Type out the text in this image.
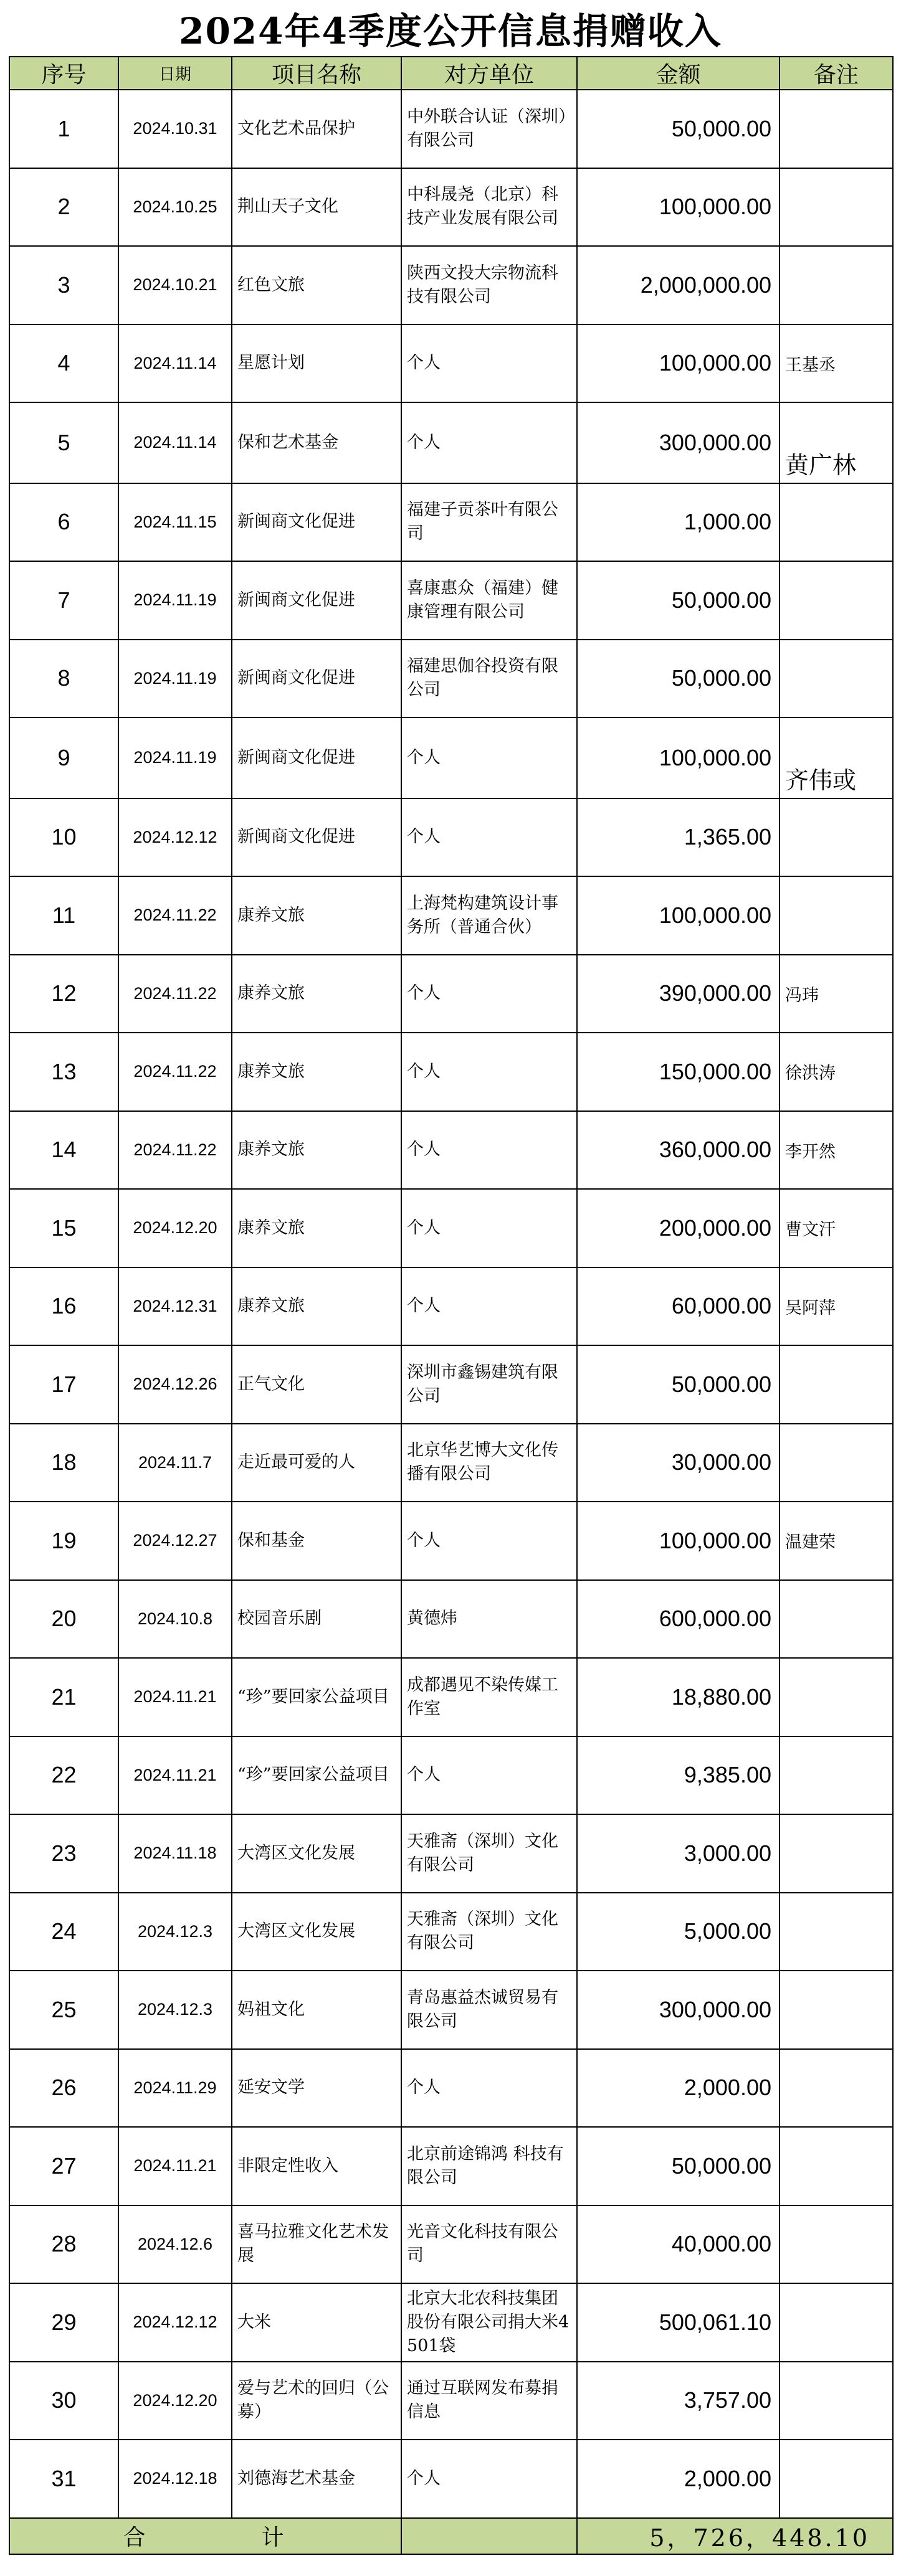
2024年4季度公开信息捐赠收入
序号	日期	项目名称	对方单位	金额	备注
1	2024.10.31	文化艺术品保护	中外联合认证（深圳）有限公司	50,000.00	
2	2024.10.25	荆山天子文化	中科晟尧（北京）科技产业发展有限公司	100,000.00	
3	2024.10.21	红色文旅	陕西文投大宗物流科技有限公司	2,000,000.00	
4	2024.11.14	星愿计划	个人	100,000.00	王基丞
5	2024.11.14	保和艺术基金	个人	300,000.00	黄广林
6	2024.11.15	新闽商文化促进	福建子贡茶叶有限公司	1,000.00	
7	2024.11.19	新闽商文化促进	喜康惠众（福建）健康管理有限公司	50,000.00	
8	2024.11.19	新闽商文化促进	福建思伽谷投资有限公司	50,000.00	
9	2024.11.19	新闽商文化促进	个人	100,000.00	齐伟或
10	2024.12.12	新闽商文化促进	个人	1,365.00	
11	2024.11.22	康养文旅	上海梵构建筑设计事务所（普通合伙）	100,000.00	
12	2024.11.22	康养文旅	个人	390,000.00	冯玮
13	2024.11.22	康养文旅	个人	150,000.00	徐洪涛
14	2024.11.22	康养文旅	个人	360,000.00	李开然
15	2024.12.20	康养文旅	个人	200,000.00	曹文汗
16	2024.12.31	康养文旅	个人	60,000.00	吴阿萍
17	2024.12.26	正气文化	深圳市鑫锡建筑有限公司	50,000.00	
18	2024.11.7	走近最可爱的人	北京华艺博大文化传播有限公司	30,000.00	
19	2024.12.27	保和基金	个人	100,000.00	温建荣
20	2024.10.8	校园音乐剧	黄德炜	600,000.00	
21	2024.11.21	“珍”要回家公益项目	成都遇见不染传媒工作室	18,880.00	
22	2024.11.21	“珍”要回家公益项目	个人	9,385.00	
23	2024.11.18	大湾区文化发展	天雅斋（深圳）文化有限公司	3,000.00	
24	2024.12.3	大湾区文化发展	天雅斋（深圳）文化有限公司	5,000.00	
25	2024.12.3	妈祖文化	青岛惠益杰诚贸易有限公司	300,000.00	
26	2024.11.29	延安文学	个人	2,000.00	
27	2024.11.21	非限定性收入	北京前途锦鸿 科技有限公司	50,000.00	
28	2024.12.6	喜马拉雅文化艺术发展	光音文化科技有限公司	40,000.00	
29	2024.12.12	大米	北京大北农科技集团股份有限公司捐大米4501袋	500,061.10	
30	2024.12.20	爱与艺术的回归（公募）	通过互联网发布募捐信息	3,757.00	
31	2024.12.18	刘德海艺术基金	个人	2,000.00	
合 计				5，726，448.10	
